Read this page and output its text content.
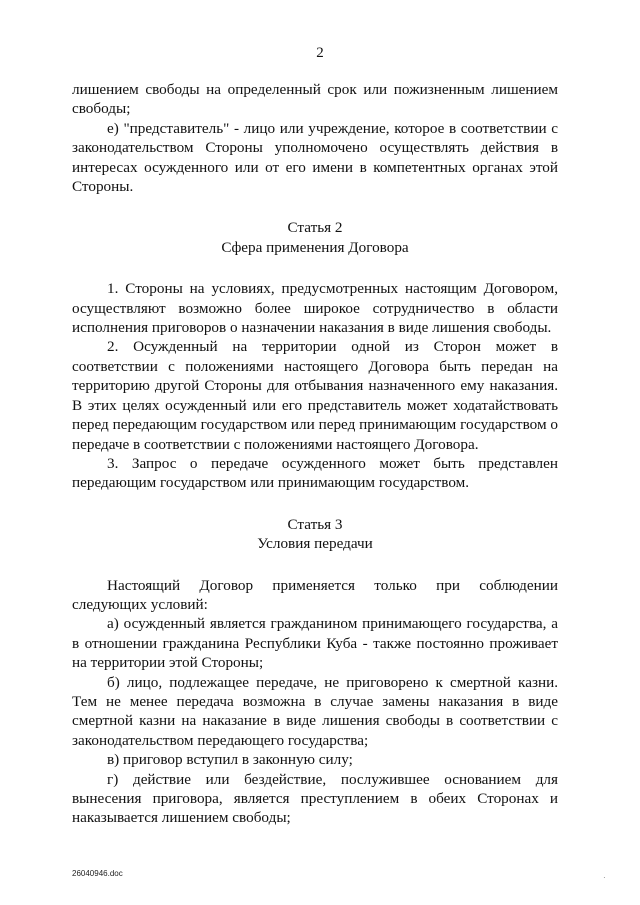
2

лишением свободы на определенный срок или пожизненным лишением свободы;

е) "представитель" - лицо или учреждение, которое в соответствии с законодательством Стороны уполномочено осуществлять действия в интересах осужденного или от его имени в компетентных органах этой Стороны.

Статья 2
Сфера применения Договора

1. Стороны на условиях, предусмотренных настоящим Договором, осуществляют возможно более широкое сотрудничество в области исполнения приговоров о назначении наказания в виде лишения свободы.

2. Осужденный на территории одной из Сторон может в соответствии с положениями настоящего Договора быть передан на территорию другой Стороны для отбывания назначенного ему наказания. В этих целях осужденный или его представитель может ходатайствовать перед передающим государством или перед принимающим государством о передаче в соответствии с положениями настоящего Договора.

3. Запрос о передаче осужденного может быть представлен передающим государством или принимающим государством.

Статья 3
Условия передачи

Настоящий Договор применяется только при соблюдении следующих условий:

а) осужденный является гражданином принимающего государства, а в отношении гражданина Республики Куба - также постоянно проживает на территории этой Стороны;

б) лицо, подлежащее передаче, не приговорено к смертной казни. Тем не менее передача возможна в случае замены наказания в виде смертной казни на наказание в виде лишения свободы в соответствии с законодательством передающего государства;

в) приговор вступил в законную силу;

г) действие или бездействие, послужившее основанием для вынесения приговора, является преступлением в обеих Сторонах и наказывается лишением свободы;

26040946.doc	·
